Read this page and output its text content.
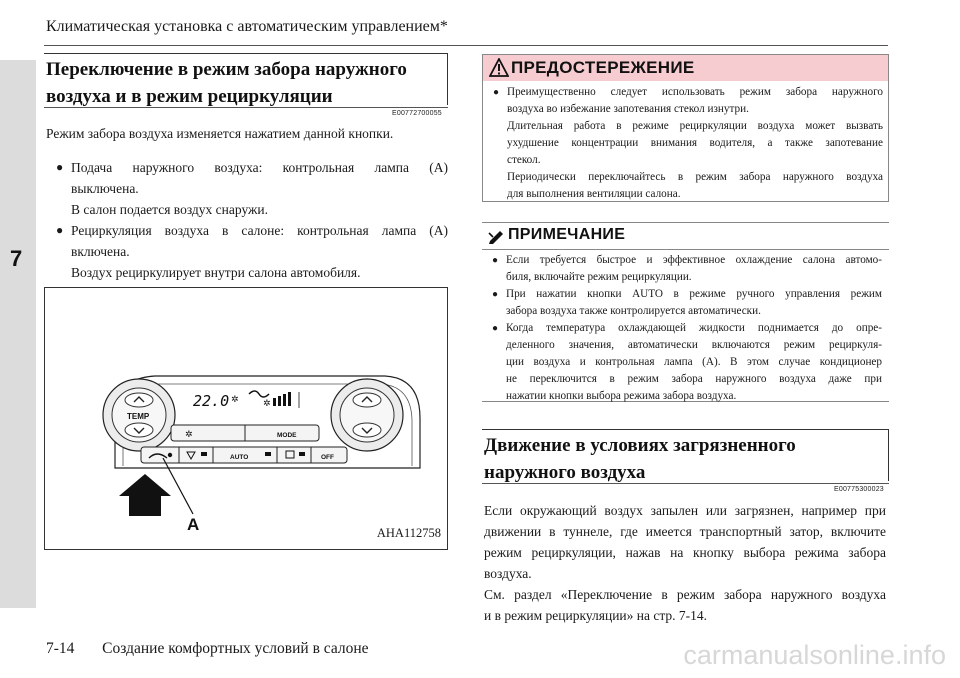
Климатическая установка с автоматическим управлением*
7
Переключение в режим забора наружного
воздуха и в режим рециркуляции
E00772700055
Режим забора воздуха изменяется нажатием данной кнопки.
● Подача наружного воздуха: контрольная лампа (A)
выключена.
В салон подается воздух снаружи.
● Рециркуляция воздуха в салоне: контрольная лампа (A)
включена.
Воздух рециркулирует внутри салона автомобиля.
TEMP
22.0 ✲	✲
✲	MODE
AUTO	OFF
A	AHA112758
ПРЕДОСТЕРЕЖЕНИЕ
● Преимущественно следует использовать режим забора наружного
воздуха во избежание запотевания стекол изнутри.
Длительная работа в режиме рециркуляции воздуха может вызвать
ухудшение концентрации внимания водителя, а также запотевание
стекол.
Периодически переключайтесь в режим забора наружного воздуха
для выполнения вентиляции салона.
ПРИМЕЧАНИЕ
● Если требуется быстрое и эффективное охлаждение салона автомо-
биля, включайте режим рециркуляции.
● При нажатии кнопки AUTO в режиме ручного управления режим
забора воздуха также контролируется автоматически.
● Когда температура охлаждающей жидкости поднимается до опре-
деленного значения, автоматически включаются режим рециркуля-
ции воздуха и контрольная лампа (A). В этом случае кондиционер
не переключится в режим забора наружного воздуха даже при
нажатии кнопки выбора режима забора воздуха.
Движение в условиях загрязненного
наружного воздуха
E00775300023
Если окружающий воздух запылен или загрязнен, например при
движении в туннеле, где имеется транспортный затор, включите
режим рециркуляции, нажав на кнопку выбора режима забора
воздуха.
См. раздел «Переключение в режим забора наружного воздуха
и в режим рециркуляции» на стр. 7-14.
7-14 Создание комфортных условий в салоне	carmanualsonline.info
